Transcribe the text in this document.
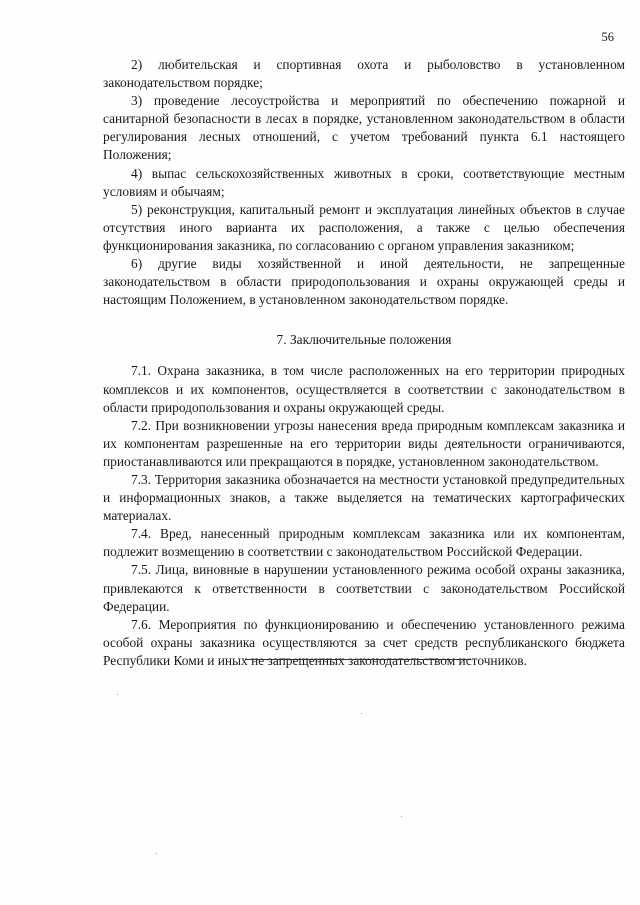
56

2) любительская и спортивная охота и рыболовство в установленном законодательством порядке;

3) проведение лесоустройства и мероприятий по обеспечению пожарной и санитарной безопасности в лесах в порядке, установленном законодательством в области регулирования лесных отношений, с учетом требований пункта 6.1 настоящего Положения;

4) выпас сельскохозяйственных животных в сроки, соответствующие местным условиям и обычаям;

5) реконструкция, капитальный ремонт и эксплуатация линейных объектов в случае отсутствия иного варианта их расположения, а также с целью обеспечения функционирования заказника, по согласованию с органом управления заказником;

6) другие виды хозяйственной и иной деятельности, не запрещенные законодательством в области природопользования и охраны окружающей среды и настоящим Положением, в установленном законодательством порядке.

7. Заключительные положения

7.1. Охрана заказника, в том числе расположенных на его территории природных комплексов и их компонентов, осуществляется в соответствии с законодательством в области природопользования и охраны окружающей среды.

7.2. При возникновении угрозы нанесения вреда природным комплексам заказника и их компонентам разрешенные на его территории виды деятельности ограничиваются, приостанавливаются или прекращаются в порядке, установленном законодательством.

7.3. Территория заказника обозначается на местности установкой предупредительных и информационных знаков, а также выделяется на тематических картографических материалах.

7.4. Вред, нанесенный природным комплексам заказника или их компонентам, подлежит возмещению в соответствии с законодательством Российской Федерации.

7.5. Лица, виновные в нарушении установленного режима особой охраны заказника, привлекаются к ответственности в соответствии с законодательством Российской Федерации.

7.6. Мероприятия по функционированию и обеспечению установленного режима особой охраны заказника осуществляются за счет средств республиканского бюджета Республики Коми и иных не запрещенных законодательством источников.
